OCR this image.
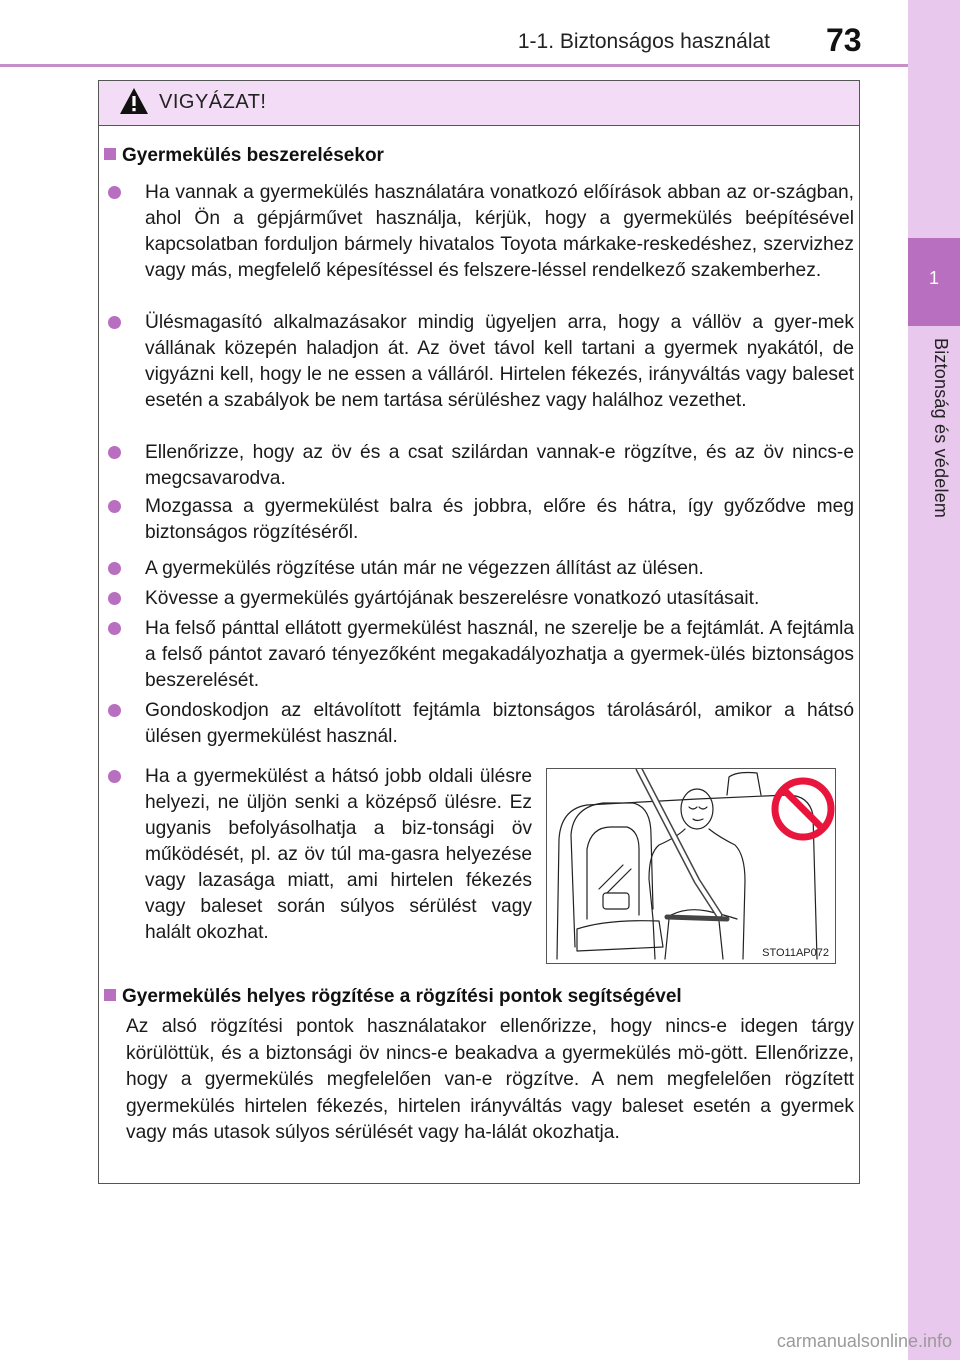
1-1. Biztonságos használat 73
1
Biztonság és védelem
VIGYÁZAT!
Gyermekülés beszerelésekor
Ha vannak a gyermekülés használatára vonatkozó előírások abban az or-szágban, ahol Ön a gépjárművet használja, kérjük, hogy a gyermekülés beépítésével kapcsolatban forduljon bármely hivatalos Toyota márkake-reskedéshez, szervizhez vagy más, megfelelő képesítéssel és felszere-léssel rendelkező szakemberhez.
Ülésmagasító alkalmazásakor mindig ügyeljen arra, hogy a vállöv a gyer-mek vállának közepén haladjon át. Az övet távol kell tartani a gyermek nyakától, de vigyázni kell, hogy le ne essen a válláról. Hirtelen fékezés, irányváltás vagy baleset esetén a szabályok be nem tartása sérüléshez vagy halálhoz vezethet.
Ellenőrizze, hogy az öv és a csat szilárdan vannak-e rögzítve, és az öv nincs-e megcsavarodva.
Mozgassa a gyermekülést balra és jobbra, előre és hátra, így győződve meg biztonságos rögzítéséről.
A gyermekülés rögzítése után már ne végezzen állítást az ülésen.
Kövesse a gyermekülés gyártójának beszerelésre vonatkozó utasításait.
Ha felső pánttal ellátott gyermekülést használ, ne szerelje be a fejtámlát. A fejtámla a felső pántot zavaró tényezőként megakadályozhatja a gyermek-ülés biztonságos beszerelését.
Gondoskodjon az eltávolított fejtámla biztonságos tárolásáról, amikor a hátsó ülésen gyermekülést használ.
Ha a gyermekülést a hátsó jobb oldali ülésre helyezi, ne üljön senki a középső ülésre. Ez ugyanis befolyásolhatja a biz-tonsági öv működését, pl. az öv túl ma-gasra helyezése vagy lazasága miatt, ami hirtelen fékezés vagy baleset során súlyos sérülést vagy halált okozhat.
STO11AP072
Gyermekülés helyes rögzítése a rögzítési pontok segítségével
Az alsó rögzítési pontok használatakor ellenőrizze, hogy nincs-e idegen tárgy körülöttük, és a biztonsági öv nincs-e beakadva a gyermekülés mö-gött. Ellenőrizze, hogy a gyermekülés megfelelően van-e rögzítve. A nem megfelelően rögzített gyermekülés hirtelen fékezés, hirtelen irányváltás vagy baleset esetén a gyermek vagy más utasok súlyos sérülését vagy ha-lálát okozhatja.
carmanualsonline.info
